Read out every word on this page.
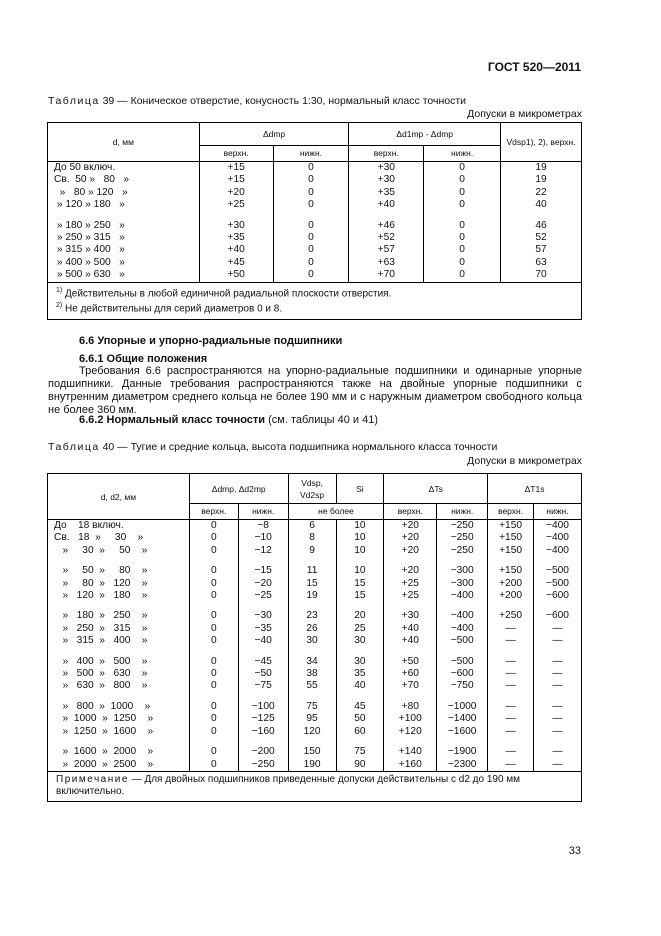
ГОСТ 520—2011
Таблица 39 — Коническое отверстие, конусность 1:30, нормальный класс точности
Допуски в микрометрах
d, мм	Δdmp		Δd1mp - Δdmp		Vdsp1), 2), верхн.
	верхн.	нижн.	верхн.	нижн.	
До 50 включ.	+15	0	+30	0	19
Св.  50 »   80   »	+15	0	+30	0	19
»   80 » 120   »	+20	0	+35	0	22
» 120 » 180   »	+25	0	+40	0	40

» 180 » 250   »	+30	0	+46	0	46
» 250 » 315   »	+35	0	+52	0	52
» 315 » 400   »	+40	0	+57	0	57
» 400 » 500   »	+45	0	+63	0	63
» 500 » 630   »	+50	0	+70	0	70
$^{1)}$ Действительны в любой единичной радиальной плоскости отверстия.
$^{2)}$ Не действительны для серий диаметров 0 и 8.
6.6 Упорные и упорно-радиальные подшипники
6.6.1 Общие положения
Требования 6.6 распространяются на упорно-радиальные подшипники и одинарные упорные подшипники. Данные требования распространяются также на двойные упорные подшипники с внутренним диаметром среднего кольца не более 190 мм и с наружным диаметром свободного кольца не более 360 мм.
6.6.2 Нормальный класс точности (см. таблицы 40 и 41)
Таблица 40 — Тугие и средние кольца, высота подшипника нормального класса точности
Допуски в микрометрах
d, d2, мм	Δdmp, Δd2mp		Vdsp,
Vd2sp	Si	ΔTs		ΔT1s	
	верхн.	нижн.	не более		верхн.	нижн.	верхн.	нижн.
До    18 включ.	0	−8	6	10	+20	−250	+150	−400
Св.   18  »     30    »	0	−10	8	10	+20	−250	+150	−400
»     30  »     50    »	0	−12	9	10	+20	−250	+150	−400

»     50  »     80    »	0	−15	11	10	+20	−300	+150	−500
»     80  »   120    »	0	−20	15	15	+25	−300	+200	−500
»   120  »   180    »	0	−25	19	15	+25	−400	+200	−600

»   180  »   250    »	0	−30	23	20	+30	−400	+250	−600
»   250  »   315    »	0	−35	26	25	+40	−400	—	—
»   315  »   400    »	0	−40	30	30	+40	−500	—	—

»   400  »   500    »	0	−45	34	30	+50	−500	—	—
»   500  »   630    »	0	−50	38	35	+60	−600	—	—
»   630  »   800    »	0	−75	55	40	+70	−750	—	—

»   800  »  1000    »	0	−100	75	45	+80	−1000	—	—
»  1000  »  1250    »	0	−125	95	50	+100	−1400	—	—
»  1250  »  1600    »	0	−160	120	60	+120	−1600	—	—

»  1600  »  2000    »	0	−200	150	75	+140	−1900	—	—
»  2000  »  2500    »	0	−250	190	90	+160	−2300	—	—
Примечание — Для двойных подшипников приведенные допуски действительны с d2 до 190 мм включительно.
33
